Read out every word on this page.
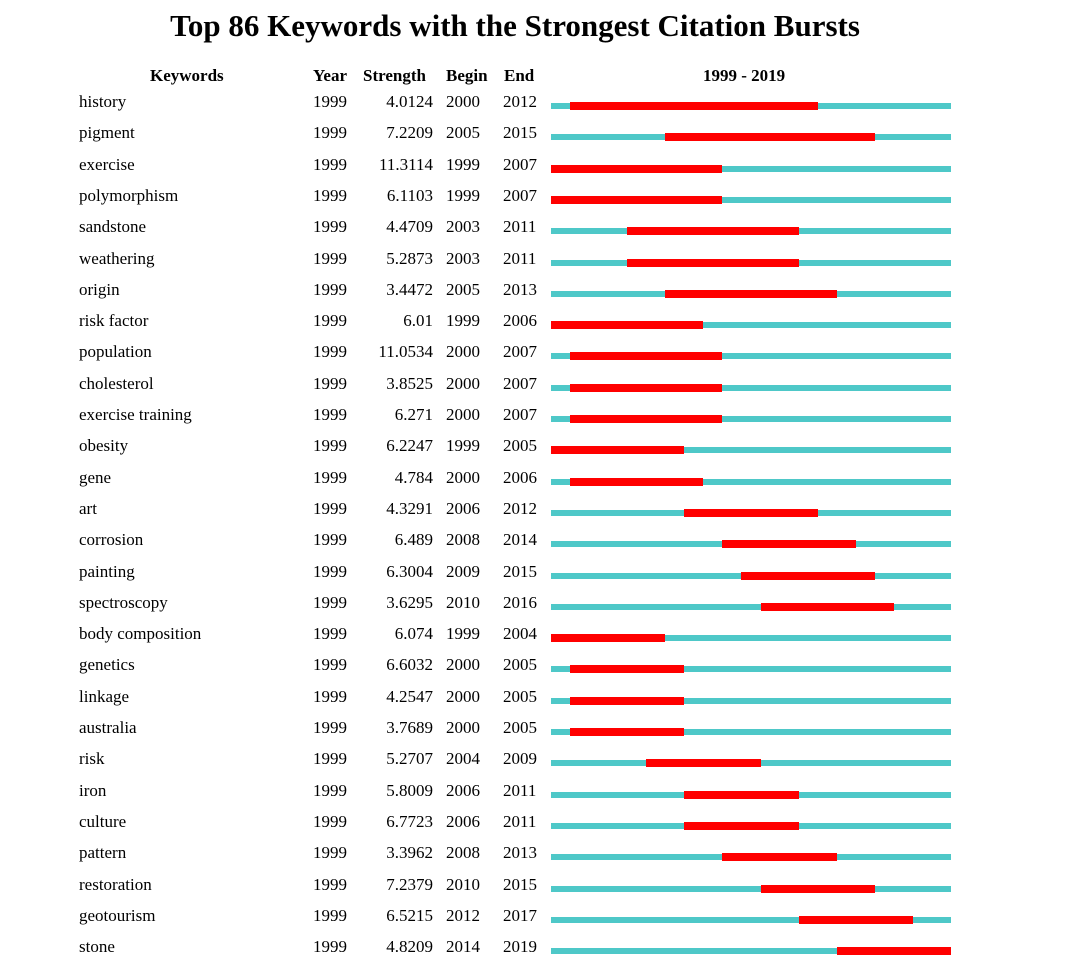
Top 86 Keywords with the Strongest Citation Bursts
Keywords	Year Strength Begin End	1999 - 2019
history	1999	4.0124 2000 2012
pigment	1999	7.2209 2005 2015
exercise	1999	11.3114 1999 2007
polymorphism	1999	6.1103 1999 2007
sandstone	1999	4.4709 2003 2011
weathering	1999	5.2873 2003 2011
origin	1999	3.4472 2005 2013
risk factor	1999	6.01 1999 2006
population	1999	11.0534 2000 2007
cholesterol	1999	3.8525 2000 2007
exercise training	1999	6.271 2000 2007
obesity	1999	6.2247 1999 2005
gene	1999	4.784 2000 2006
art	1999	4.3291 2006 2012
corrosion	1999	6.489 2008 2014
painting	1999	6.3004 2009 2015
spectroscopy	1999	3.6295 2010 2016
body composition	1999	6.074 1999 2004
genetics	1999	6.6032 2000 2005
linkage	1999	4.2547 2000 2005
australia	1999	3.7689 2000 2005
risk	1999	5.2707 2004 2009
iron	1999	5.8009 2006 2011
culture	1999	6.7723 2006 2011
pattern	1999	3.3962 2008 2013
restoration	1999	7.2379 2010 2015
geotourism	1999	6.5215 2012 2017
stone	1999	4.8209 2014 2019
